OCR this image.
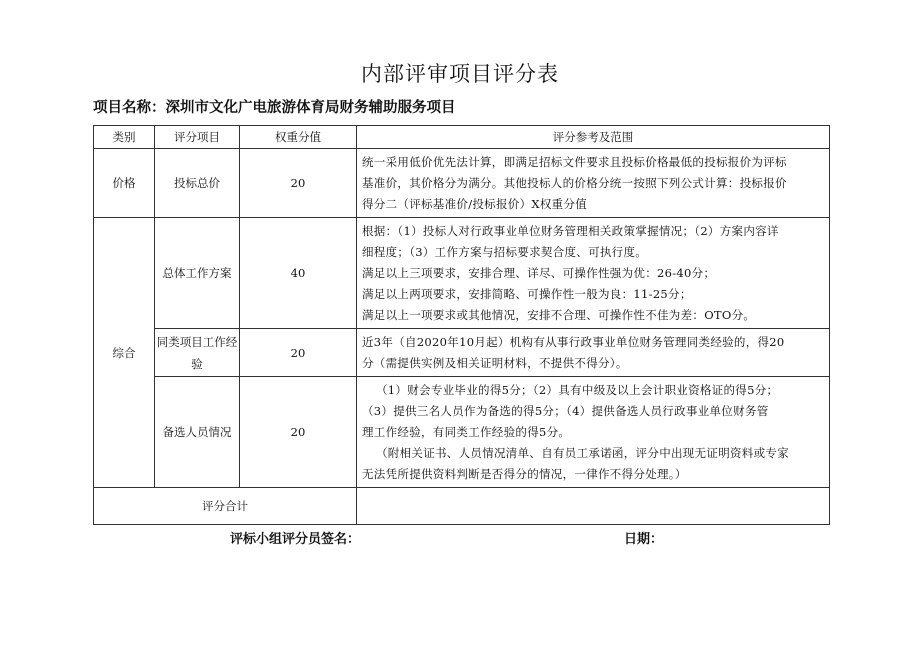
内部评审项目评分表
项目名称：深圳市文化广电旅游体育局财务辅助服务项目
类别	评分项目	权重分值	评分参考及范围
价格	投标总价	20	统一采用低价优先法计算，即满足招标文件要求且投标价格最低的投标报价为评标

基准价，其价格分为满分。其他投标人的价格分统一按照下列公式计算：投标报价

得分二（评标基准价/投标报价）X权重分值

综合	总体工作方案	40	根据：（1）投标人对行政事业单位财务管理相关政策掌握情况；（2）方案内容详

细程度；（3）工作方案与招标要求契合度、可执行度。

满足以上三项要求，安排合理、详尽、可操作性强为优：26-40分；

满足以上两项要求，安排简略、可操作性一般为良：11-25分；

满足以上一项要求或其他情况，安排不合理、可操作性不佳为差：OTO分。

	同类项目工作经验	20	近3年（自2020年10月起）机构有从事行政事业单位财务管理同类经验的，得20

分（需提供实例及相关证明材料，不提供不得分）。

	备选人员情况	20	（1）财会专业毕业的得5分；（2）具有中级及以上会计职业资格证的得5分；

（3）提供三名人员作为备选的得5分；（4）提供备选人员行政事业单位财务管

理工作经验，有同类工作经验的得5分。

（附相关证书、人员情况清单、自有员工承诺函，评分中出现无证明资料或专家

无法凭所提供资料判断是否得分的情况，一律作不得分处理。）

评分合计			
评标小组评分员签名：	日期：
